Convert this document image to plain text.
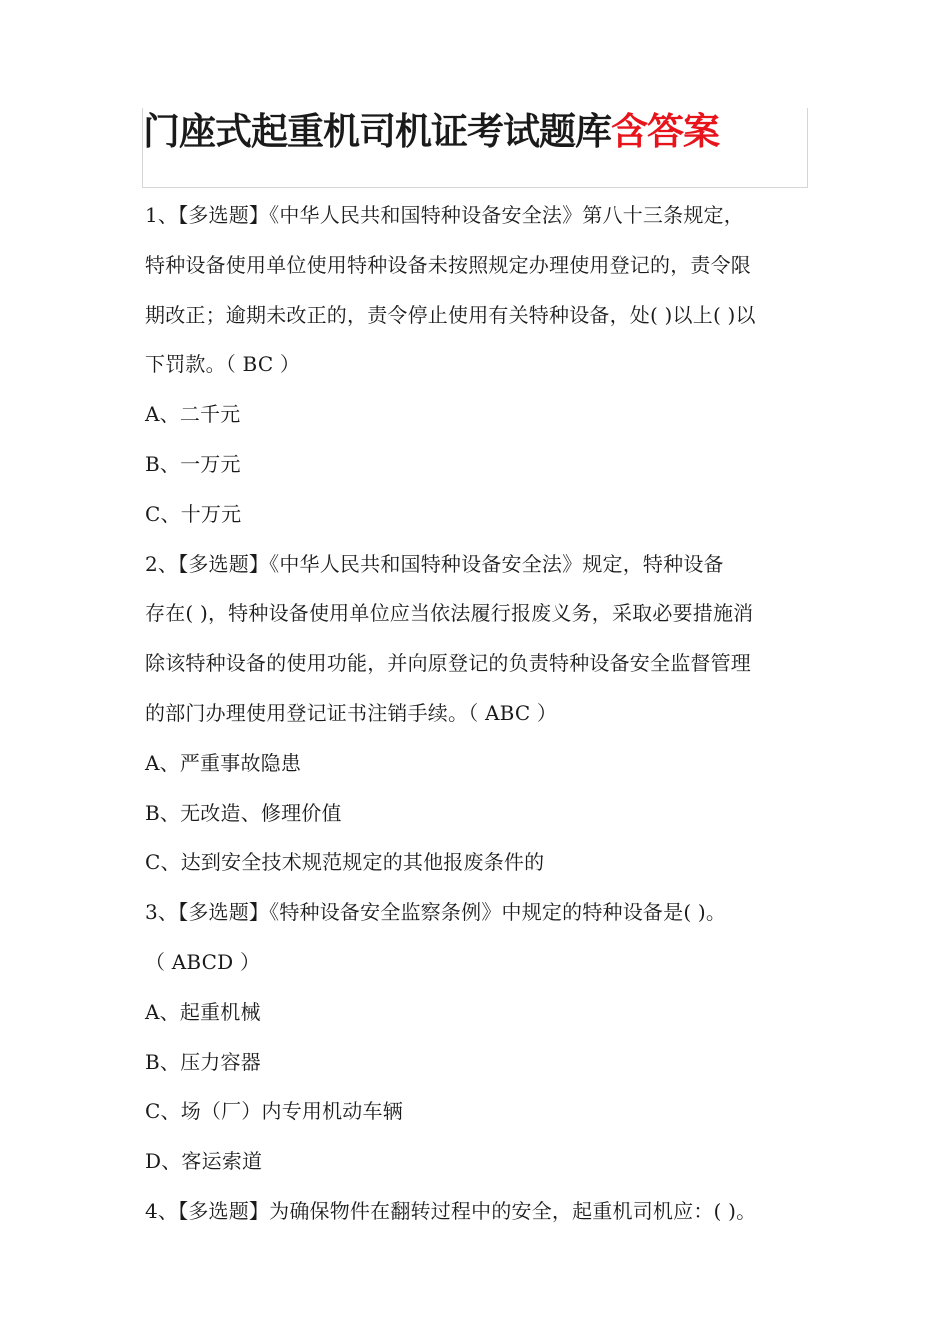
门座式起重机司机证考试题库含答案
1、【多选题】《中华人民共和国特种设备安全法》第八十三条规定，
特种设备使用单位使用特种设备未按照规定办理使用登记的，责令限
期改正；逾期未改正的，责令停止使用有关特种设备，处( )以上( )以
下罚款。（ BC ）
A、二千元
B、一万元
C、十万元
2、【多选题】《中华人民共和国特种设备安全法》规定，特种设备
存在( )，特种设备使用单位应当依法履行报废义务，采取必要措施消
除该特种设备的使用功能，并向原登记的负责特种设备安全监督管理
的部门办理使用登记证书注销手续。（ ABC ）
A、严重事故隐患
B、无改造、修理价值
C、达到安全技术规范规定的其他报废条件的
3、【多选题】《特种设备安全监察条例》中规定的特种设备是( )。
（ ABCD ）
A、起重机械
B、压力容器
C、场（厂）内专用机动车辆
D、客运索道
4、【多选题】为确保物件在翻转过程中的安全，起重机司机应：( )。
